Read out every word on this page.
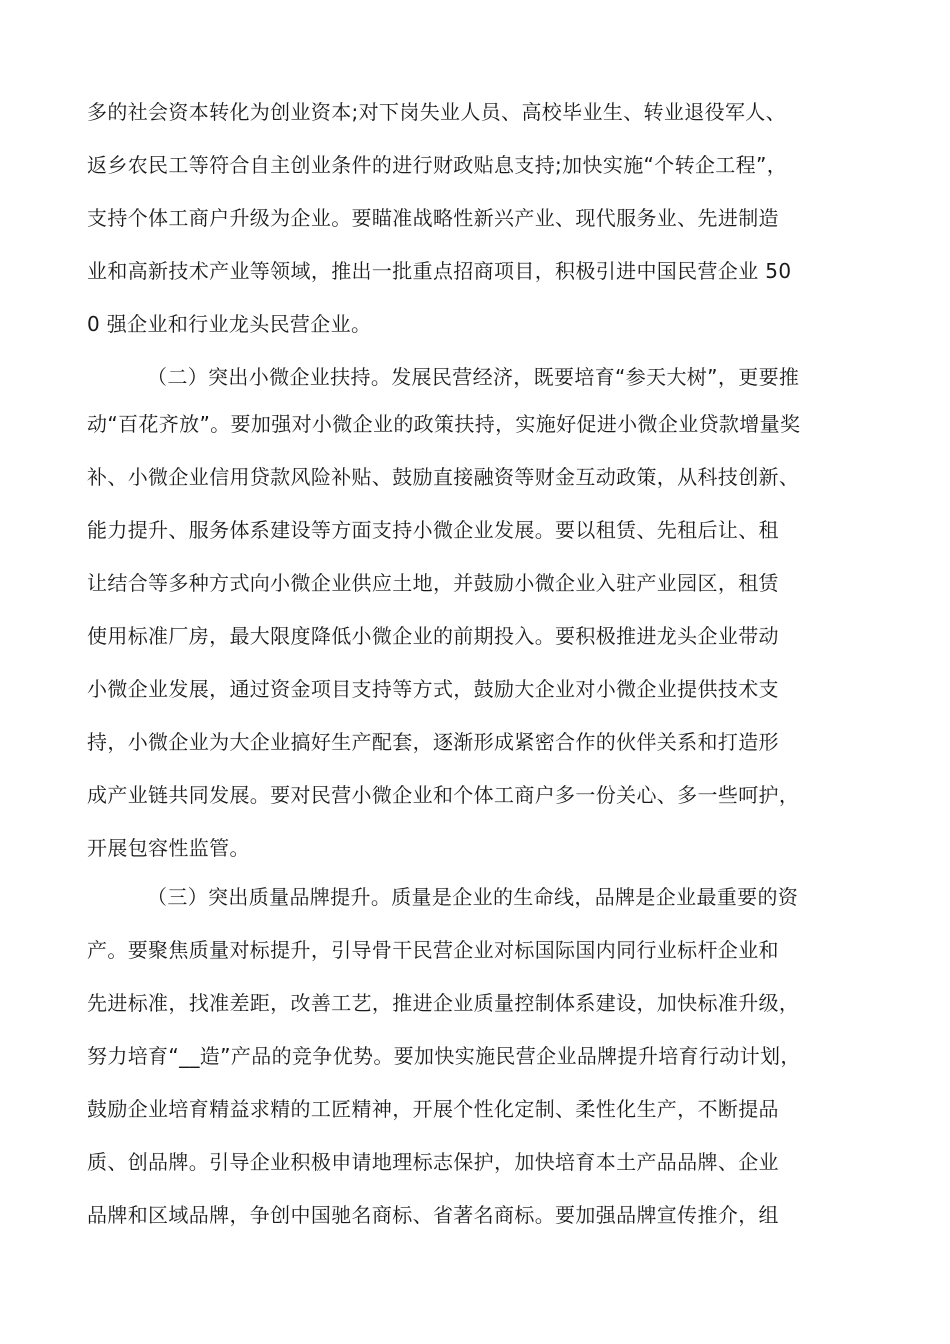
多的社会资本转化为创业资本;对下岗失业人员、高校毕业生、转业退役军人、
返乡农民工等符合自主创业条件的进行财政贴息支持;加快实施“个转企工程”，
支持个体工商户升级为企业。要瞄准战略性新兴产业、现代服务业、先进制造
业和高新技术产业等领域，推出一批重点招商项目，积极引进中国民营企业 50
0 强企业和行业龙头民营企业。
（二）突出小微企业扶持。发展民营经济，既要培育“参天大树”，更要推
动“百花齐放”。要加强对小微企业的政策扶持，实施好促进小微企业贷款增量奖
补、小微企业信用贷款风险补贴、鼓励直接融资等财金互动政策，从科技创新、
能力提升、服务体系建设等方面支持小微企业发展。要以租赁、先租后让、租
让结合等多种方式向小微企业供应土地，并鼓励小微企业入驻产业园区，租赁
使用标准厂房，最大限度降低小微企业的前期投入。要积极推进龙头企业带动
小微企业发展，通过资金项目支持等方式，鼓励大企业对小微企业提供技术支
持，小微企业为大企业搞好生产配套，逐渐形成紧密合作的伙伴关系和打造形
成产业链共同发展。要对民营小微企业和个体工商户多一份关心、多一些呵护，
开展包容性监管。
（三）突出质量品牌提升。质量是企业的生命线，品牌是企业最重要的资
产。要聚焦质量对标提升，引导骨干民营企业对标国际国内同行业标杆企业和
先进标准，找准差距，改善工艺，推进企业质量控制体系建设，加快标准升级，
努力培育“__造”产品的竞争优势。要加快实施民营企业品牌提升培育行动计划，
鼓励企业培育精益求精的工匠精神，开展个性化定制、柔性化生产，不断提品
质、创品牌。引导企业积极申请地理标志保护，加快培育本土产品品牌、企业
品牌和区域品牌，争创中国驰名商标、省著名商标。要加强品牌宣传推介，组
